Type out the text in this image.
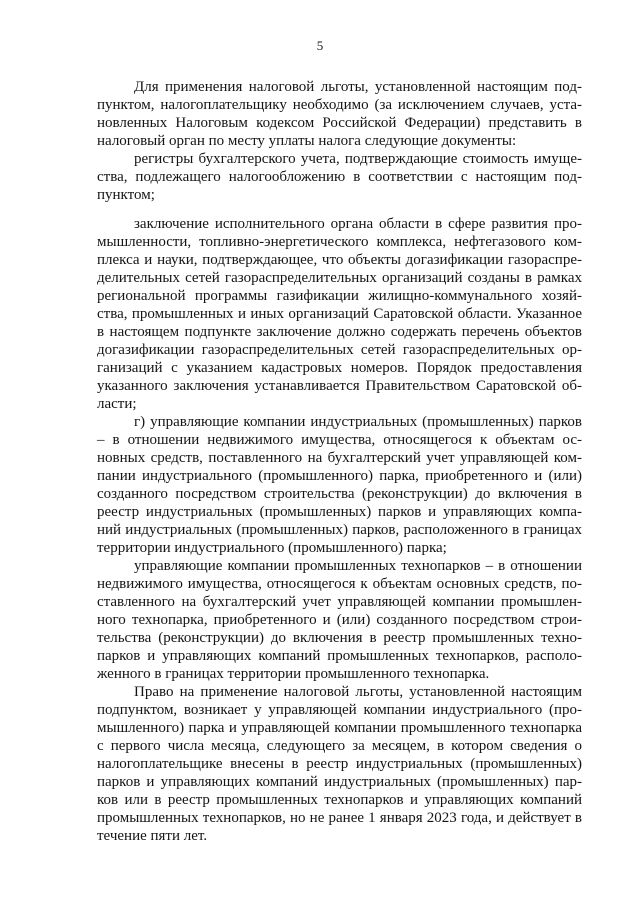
5

Для применения налоговой льготы, установленной настоящим подпунктом, налогоплательщику необходимо (за исключением случаев, установленных Налоговым кодексом Российской Федерации) представить в налоговый орган по месту уплаты налога следующие документы:

регистры бухгалтерского учета, подтверждающие стоимость имущества, подлежащего налогообложению в соответствии с настоящим подпунктом;

заключение исполнительного органа области в сфере развития промышленности, топливно-энергетического комплекса, нефтегазового комплекса и науки, подтверждающее, что объекты догазификации газораспределительных сетей газораспределительных организаций созданы в рамках региональной программы газификации жилищно-коммунального хозяйства, промышленных и иных организаций Саратовской области. Указанное в настоящем подпункте заключение должно содержать перечень объектов догазификации газораспределительных сетей газораспределительных организаций с указанием кадастровых номеров. Порядок предоставления указанного заключения устанавливается Правительством Саратовской области;

г) управляющие компании индустриальных (промышленных) парков – в отношении недвижимого имущества, относящегося к объектам основных средств, поставленного на бухгалтерский учет управляющей компании индустриального (промышленного) парка, приобретенного и (или) созданного посредством строительства (реконструкции) до включения в реестр индустриальных (промышленных) парков и управляющих компаний индустриальных (промышленных) парков, расположенного в границах территории индустриального (промышленного) парка;

управляющие компании промышленных технопарков – в отношении недвижимого имущества, относящегося к объектам основных средств, поставленного на бухгалтерский учет управляющей компании промышленного технопарка, приобретенного и (или) созданного посредством строительства (реконструкции) до включения в реестр промышленных технопарков и управляющих компаний промышленных технопарков, расположенного в границах территории промышленного технопарка.

Право на применение налоговой льготы, установленной настоящим подпунктом, возникает у управляющей компании индустриального (промышленного) парка и управляющей компании промышленного технопарка с первого числа месяца, следующего за месяцем, в котором сведения о налогоплательщике внесены в реестр индустриальных (промышленных) парков и управляющих компаний индустриальных (промышленных) парков или в реестр промышленных технопарков и управляющих компаний промышленных технопарков, но не ранее 1 января 2023 года, и действует в течение пяти лет.
